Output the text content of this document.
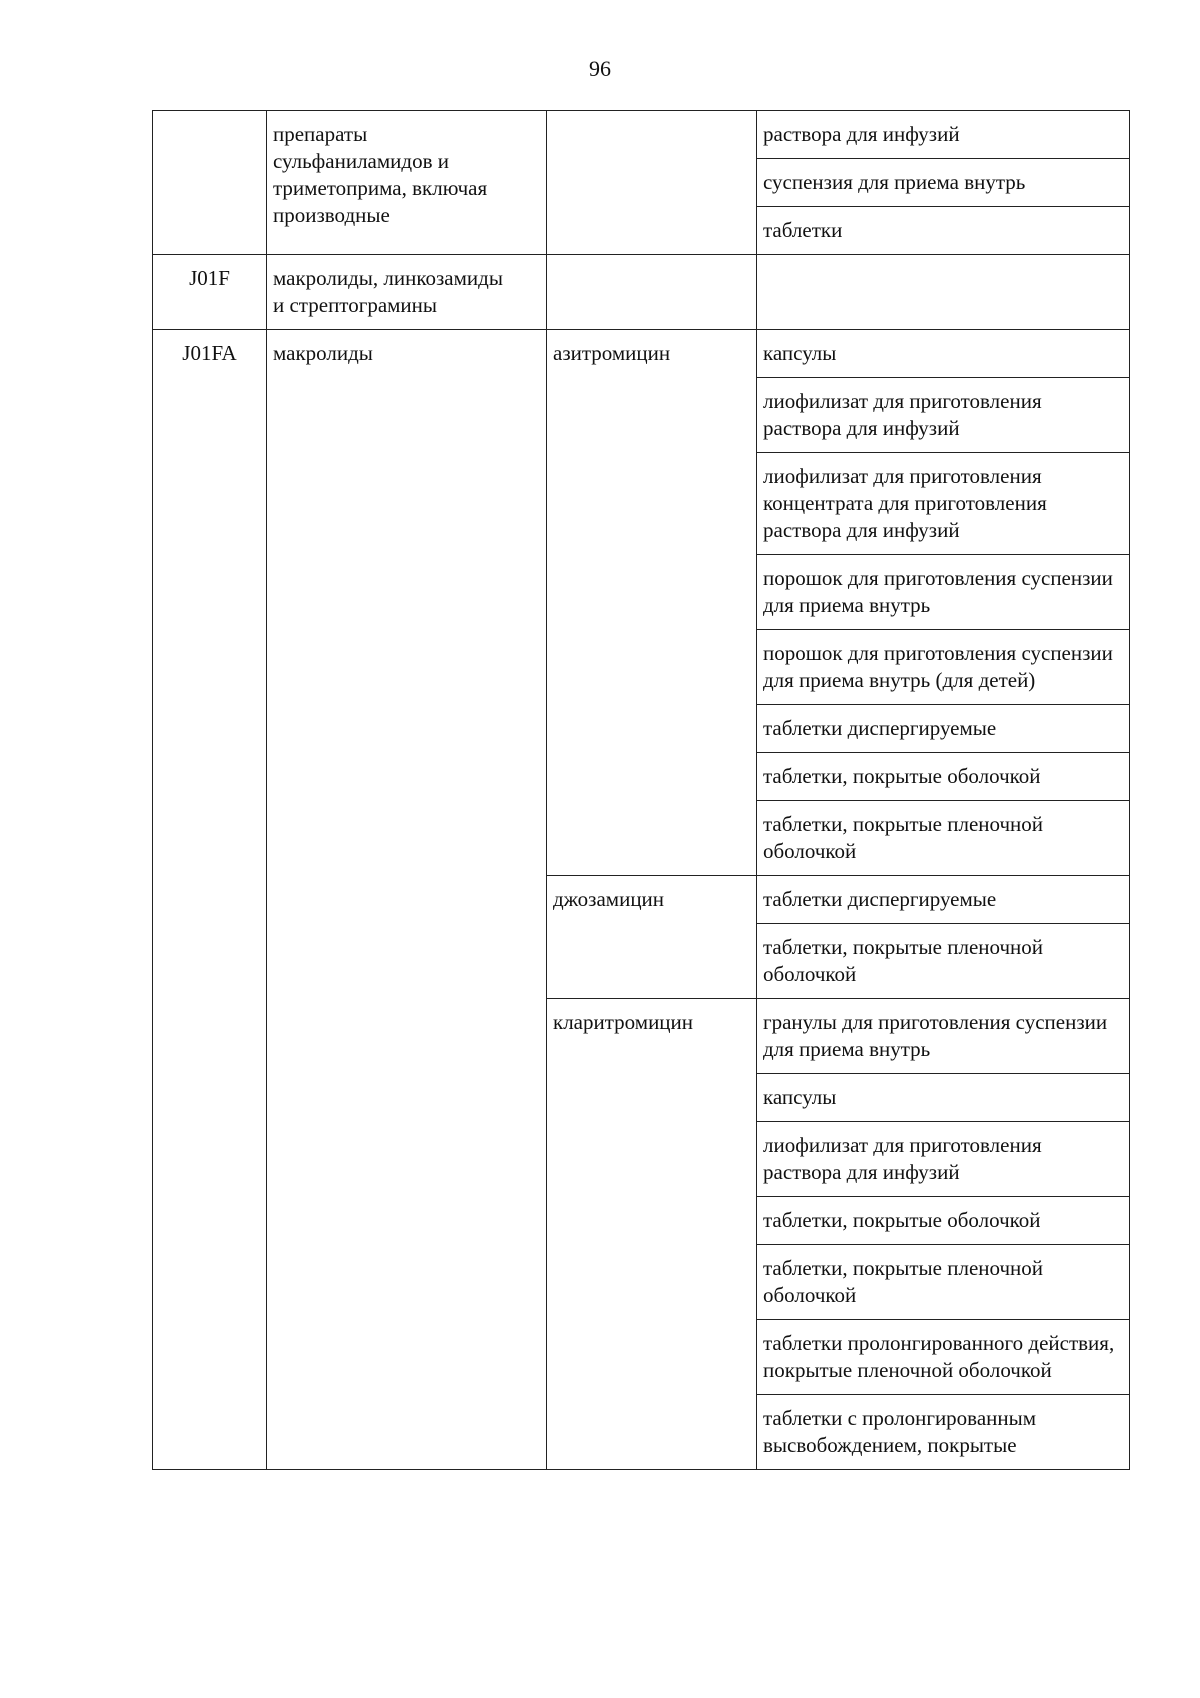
96

	препараты
сульфаниламидов и
триметоприма, включая
производные		раствора для инфузий
			суспензия для приема внутрь
			таблетки
J01F	макролиды, линкозамиды
и стрептограмины		

J01FA	макролиды	азитромицин	капсулы
			лиофилизат для приготовления раствора для инфузий
			лиофилизат для приготовления концентрата для приготовления раствора для инфузий
			порошок для приготовления суспензии для приема внутрь
			порошок для приготовления суспензии для приема внутрь (для детей)
			таблетки диспергируемые
			таблетки, покрытые оболочкой
			таблетки, покрытые пленочной оболочкой
		джозамицин	таблетки диспергируемые
			таблетки, покрытые пленочной оболочкой
		кларитромицин	гранулы для приготовления суспензии для приема внутрь
			капсулы
			лиофилизат для приготовления раствора для инфузий
			таблетки, покрытые оболочкой
			таблетки, покрытые пленочной оболочкой
			таблетки пролонгированного действия, покрытые пленочной оболочкой
			таблетки с пролонгированным высвобождением, покрытые
